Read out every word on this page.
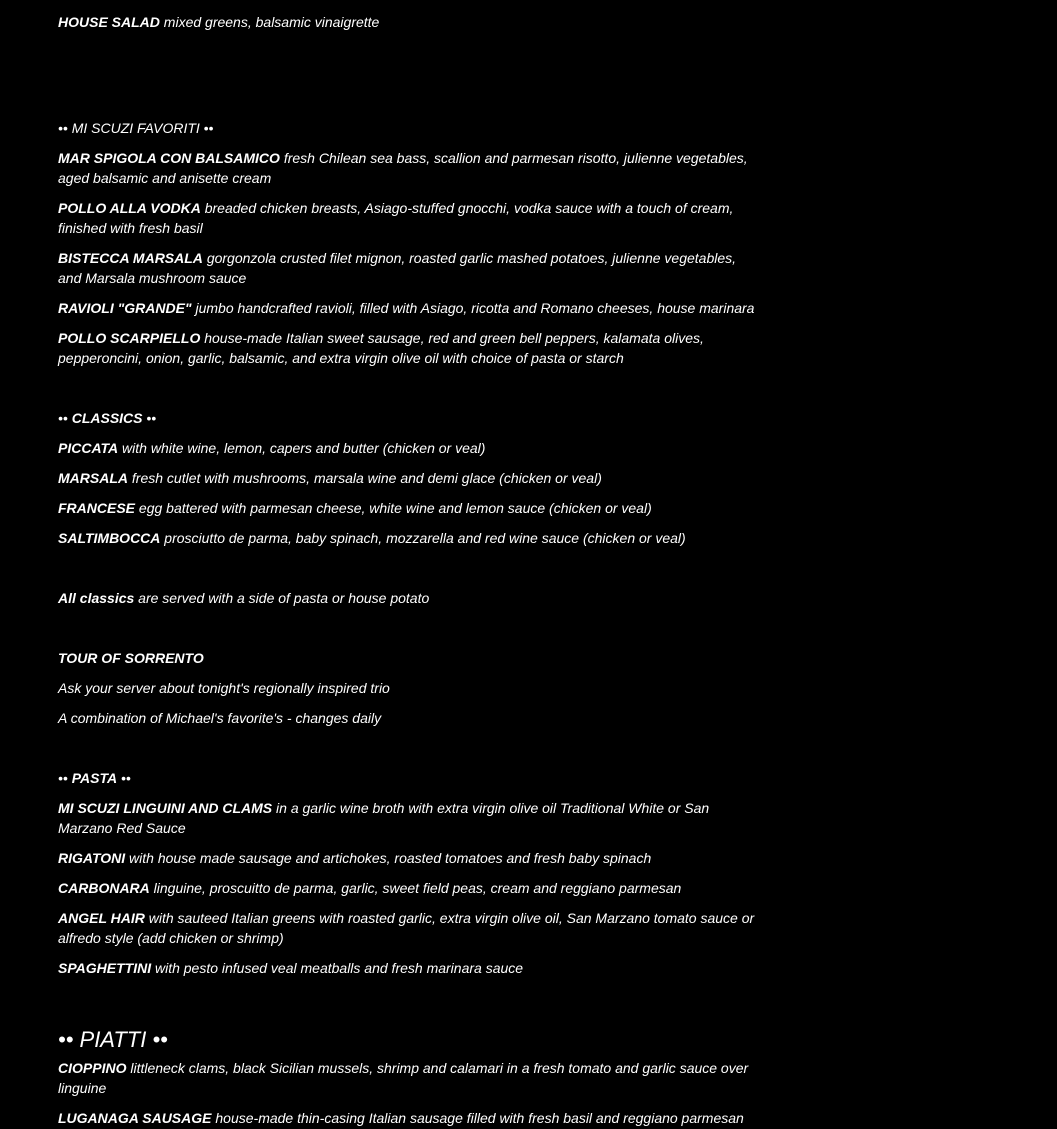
HOUSE SALAD mixed greens, balsamic vinaigrette

•• MI SCUZI FAVORITI ••

MAR SPIGOLA CON BALSAMICO fresh Chilean sea bass, scallion and parmesan risotto, julienne vegetables, aged balsamic and anisette cream

POLLO ALLA VODKA breaded chicken breasts, Asiago-stuffed gnocchi, vodka sauce with a touch of cream, finished with fresh basil

BISTECCA MARSALA gorgonzola crusted filet mignon, roasted garlic mashed potatoes, julienne vegetables, and Marsala mushroom sauce

RAVIOLI "GRANDE" jumbo handcrafted ravioli, filled with Asiago, ricotta and Romano cheeses, house marinara

POLLO SCARPIELLO house-made Italian sweet sausage, red and green bell peppers, kalamata olives, pepperoncini, onion, garlic, balsamic, and extra virgin olive oil with choice of pasta or starch

•• CLASSICS ••

PICCATA with white wine, lemon, capers and butter (chicken or veal)

MARSALA fresh cutlet with mushrooms, marsala wine and demi glace (chicken or veal)

FRANCESE egg battered with parmesan cheese, white wine and lemon sauce (chicken or veal)

SALTIMBOCCA prosciutto de parma, baby spinach, mozzarella and red wine sauce (chicken or veal)

All classics are served with a side of pasta or house potato

TOUR OF SORRENTO

Ask your server about tonight's regionally inspired trio

A combination of Michael's favorite's - changes daily

•• PASTA ••

MI SCUZI LINGUINI AND CLAMS in a garlic wine broth with extra virgin olive oil Traditional White or San Marzano Red Sauce

RIGATONI with house made sausage and artichokes, roasted tomatoes and fresh baby spinach

CARBONARA linguine, proscuitto de parma, garlic, sweet field peas, cream and reggiano parmesan

ANGEL HAIR with sauteed Italian greens with roasted garlic, extra virgin olive oil, San Marzano tomato sauce or alfredo style (add chicken or shrimp)

SPAGHETTINI with pesto infused veal meatballs and fresh marinara sauce

•• PIATTI ••

CIOPPINO littleneck clams, black Sicilian mussels, shrimp and calamari in a fresh tomato and garlic sauce over linguine

LUGANAGA SAUSAGE house-made thin-casing Italian sausage filled with fresh basil and reggiano parmesan
